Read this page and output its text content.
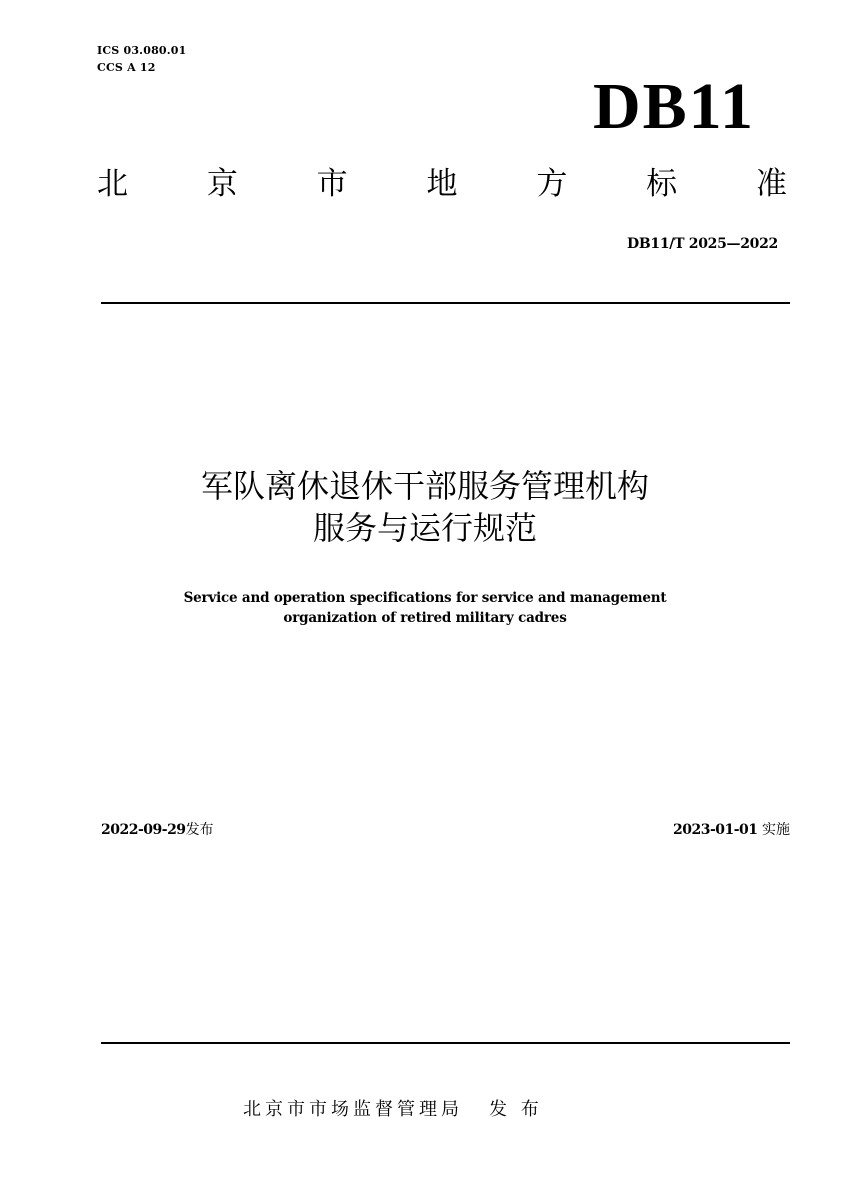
ICS 03.080.01
CCS A 12
DB11
北	京	市	地	方	标	准
DB11/T 2025—2022
军队离休退休干部服务管理机构
服务与运行规范
Service and operation specifications for service and management
organization of retired military cadres
2022-09-29发布	2023-01-01 实施
北京市市场监督管理局 发 布
